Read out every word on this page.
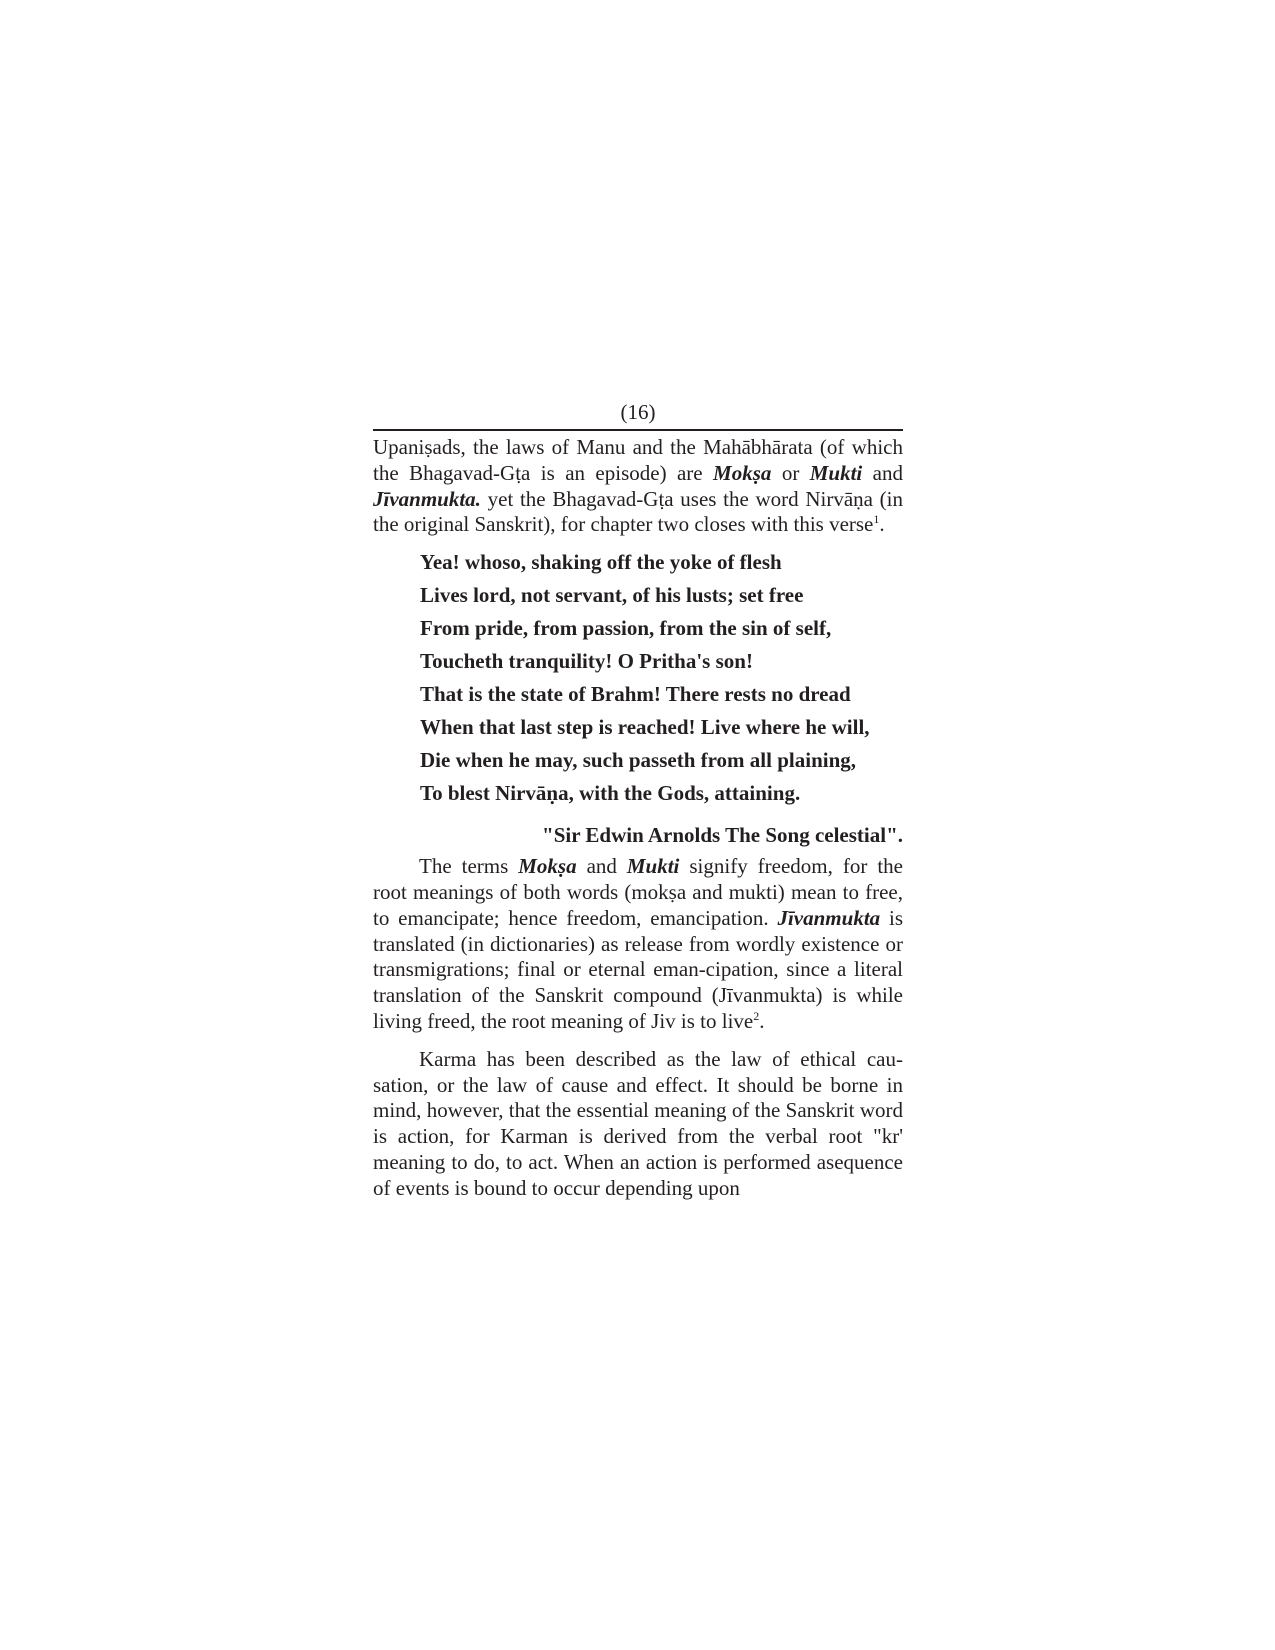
(16)

Upaniṣads, the laws of Manu and the Mahābhārata (of which the Bhagavad-Gṭa is an episode) are Mokṣa or Mukti and Jīvanmukta. yet the Bhagavad-Gṭa uses the word Nirvāṇa (in the original Sanskrit), for chapter two closes with this verse$^1$.

Yea! whoso, shaking off the yoke of flesh
Lives lord, not servant, of his lusts; set free
From pride, from passion, from the sin of self,
Toucheth tranquility! O Pritha's son!
That is the state of Brahm! There rests no dread
When that last step is reached! Live where he will,
Die when he may, such passeth from all plaining,
To blest Nirvāṇa, with the Gods, attaining.
"Sir Edwin Arnolds The Song celestial".

The terms Mokṣa and Mukti signify freedom, for the root meanings of both words (mokṣa and mukti) mean to free, to emancipate; hence freedom, emancipation. Jīvanmukta is translated (in dictionaries) as release from wordly existence or transmigrations; final or eternal eman-cipation, since a literal translation of the Sanskrit compound (Jīvanmukta) is while living freed, the root meaning of Jiv is to live$^2$.

Karma has been described as the law of ethical cau-sation, or the law of cause and effect. It should be borne in mind, however, that the essential meaning of the Sanskrit word is action, for Karman is derived from the verbal root "kr' meaning to do, to act. When an action is performed asequence of events is bound to occur depending upon
